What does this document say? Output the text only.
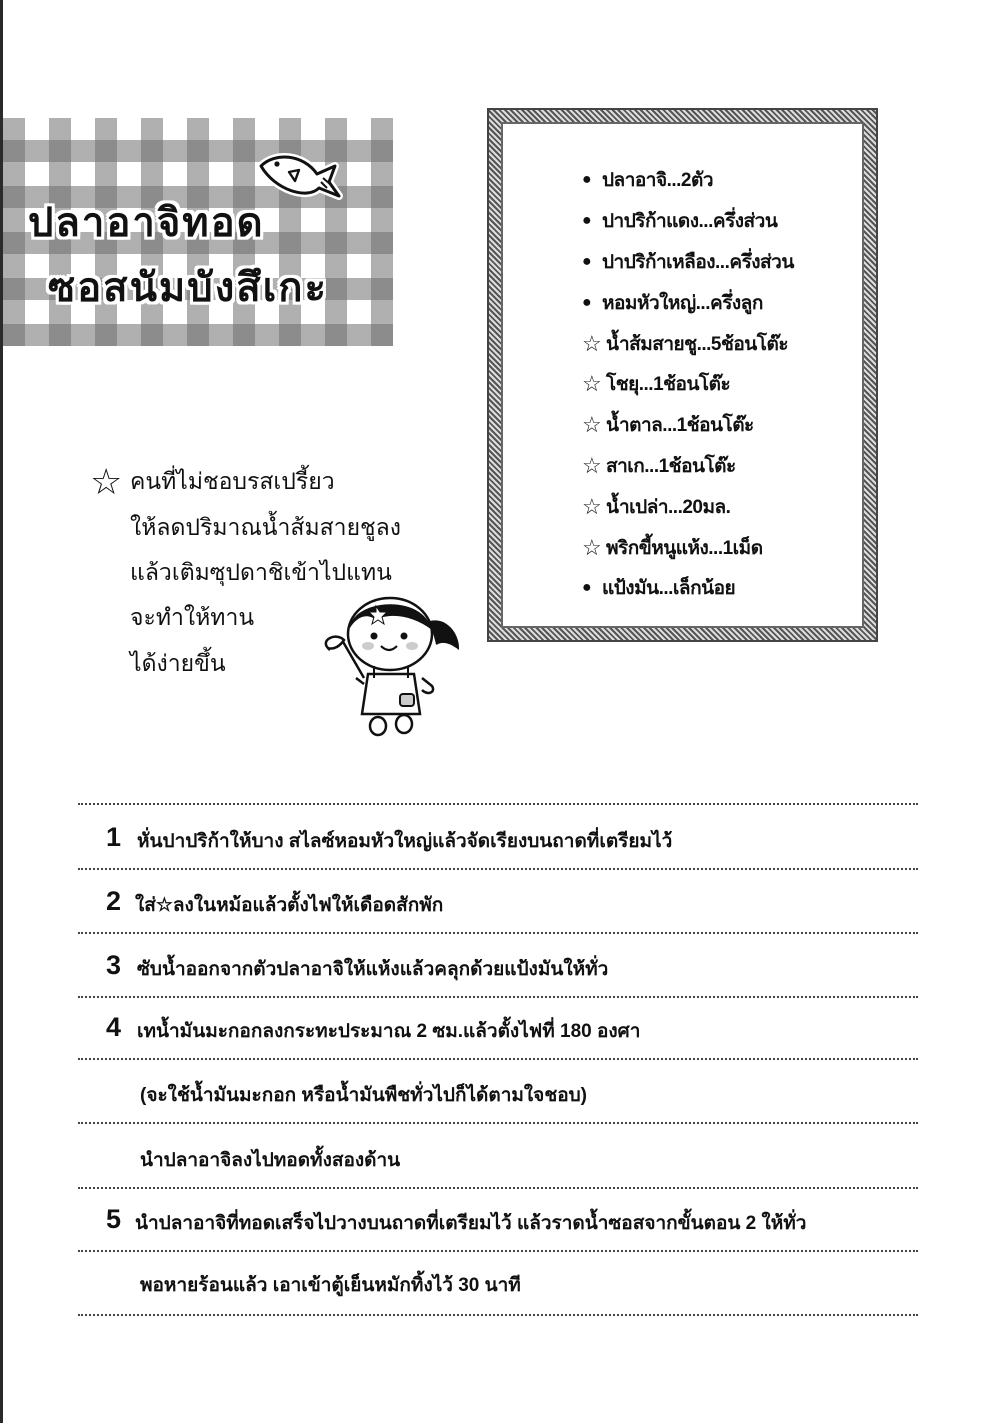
ปลาอาจิทอด
ซอสนัมบังสึเกะ
● ปลาอาจิ...2ตัว
● ปาปริก้าแดง...ครึ่งส่วน
● ปาปริก้าเหลือง...ครึ่งส่วน
● หอมหัวใหญ่...ครึ่งลูก
☆ น้ำส้มสายชู...5ช้อนโต๊ะ
☆ โชยุ...1ช้อนโต๊ะ
☆ น้ำตาล...1ช้อนโต๊ะ
☆ สาเก...1ช้อนโต๊ะ
☆ น้ำเปล่า...20มล.
☆ พริกขี้หนูแห้ง...1เม็ด
● แป้งมัน...เล็กน้อย
☆ คนที่ไม่ชอบรสเปรี้ยว
ให้ลดปริมาณน้ำส้มสายชูลง
แล้วเติมซุปดาชิเข้าไปแทน
จะทำให้ทาน
ได้ง่ายขึ้น
1 หั่นปาปริก้าให้บาง สไลซ์หอมหัวใหญ่แล้วจัดเรียงบนถาดที่เตรียมไว้
2 ใส่☆ลงในหม้อแล้วตั้งไฟให้เดือดสักพัก
3 ซับน้ำออกจากตัวปลาอาจิให้แห้งแล้วคลุกด้วยแป้งมันให้ทั่ว
4 เทน้ำมันมะกอกลงกระทะประมาณ 2 ซม.แล้วตั้งไฟที่ 180 องศา
(จะใช้น้ำมันมะกอก หรือน้ำมันพืชทั่วไปก็ได้ตามใจชอบ)
นำปลาอาจิลงไปทอดทั้งสองด้าน
5 นำปลาอาจิที่ทอดเสร็จไปวางบนถาดที่เตรียมไว้ แล้วราดน้ำซอสจากขั้นตอน 2 ให้ทั่ว
พอหายร้อนแล้ว เอาเข้าตู้เย็นหมักทิ้งไว้ 30 นาที
